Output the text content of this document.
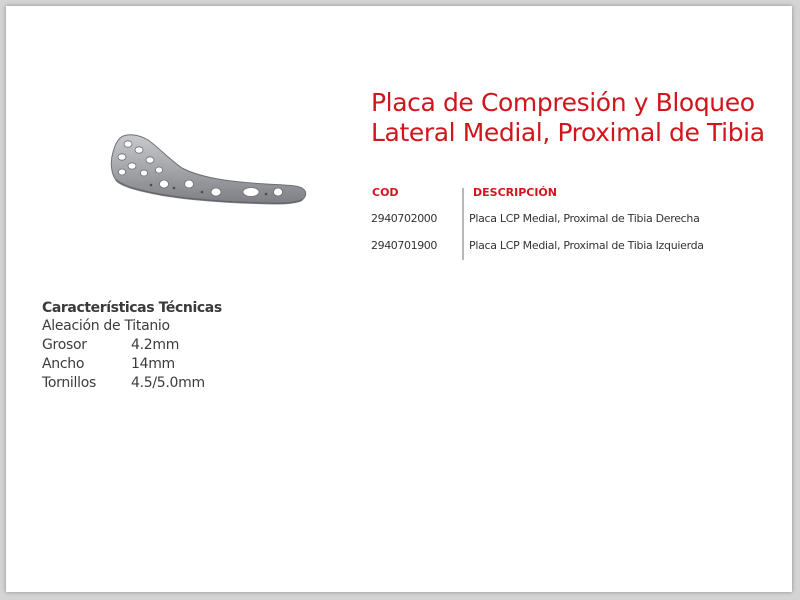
Placa de Compresión y Bloqueo
Lateral Medial, Proximal de Tibia
COD	DESCRIPCIÓN
2940702000	Placa LCP Medial, Proximal de Tibia Derecha
2940701900	Placa LCP Medial, Proximal de Tibia Izquierda
Características Técnicas
Aleación de Titanio
Grosor	4.2mm
Ancho	14mm
Tornillos	4.5/5.0mm
